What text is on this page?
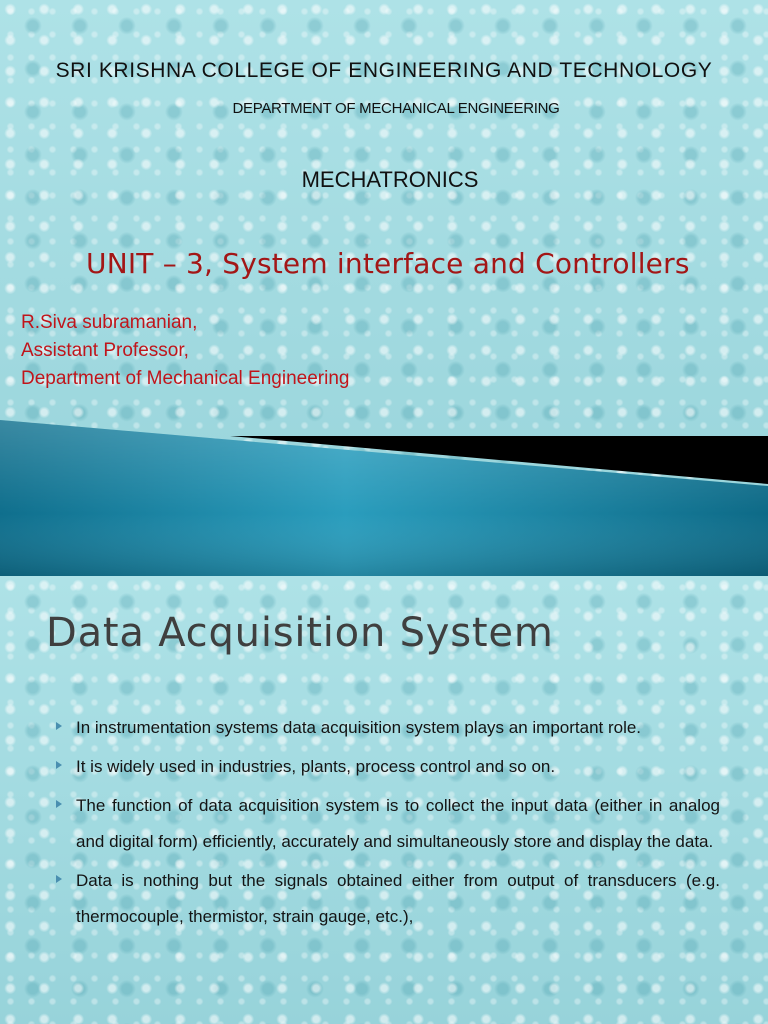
SRI KRISHNA COLLEGE OF ENGINEERING AND TECHNOLOGY
DEPARTMENT OF MECHANICAL ENGINEERING
MECHATRONICS
UNIT – 3, System interface and Controllers
R.Siva subramanian,
Assistant Professor,
Department of Mechanical Engineering
Data Acquisition System
In instrumentation systems data acquisition system plays an important role.
It is widely used in industries, plants, process control and so on.
The function of data acquisition system is to collect the input data (either in analog and digital form) efficiently, accurately and simultaneously store and display the data.
Data is nothing but the signals obtained either from output of transducers (e.g. thermocouple, thermistor, strain gauge, etc.),
